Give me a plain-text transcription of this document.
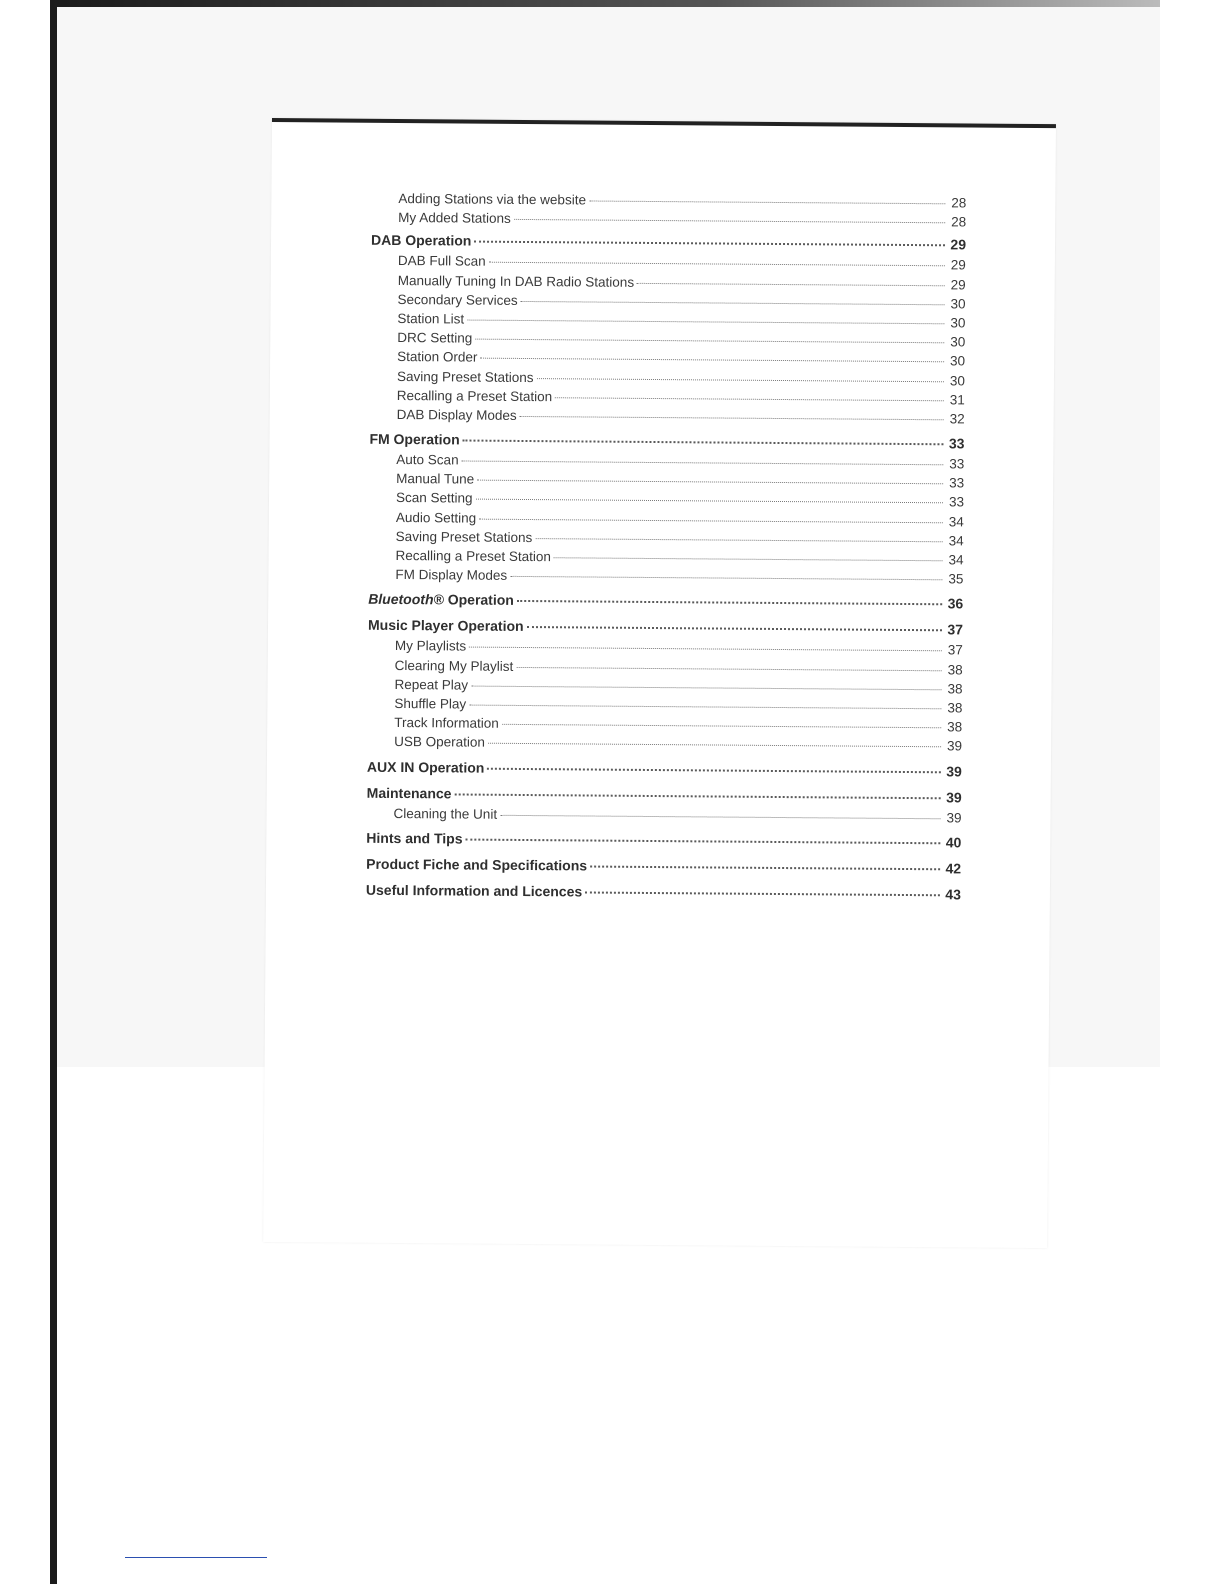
Adding Stations via the website	28
My Added Stations	28
DAB Operation	29
DAB Full Scan	29
Manually Tuning In DAB Radio Stations	29
Secondary Services	30
Station List	30
DRC Setting	30
Station Order	30
Saving Preset Stations	30
Recalling a Preset Station	31
DAB Display Modes	32
FM Operation	33
Auto Scan	33
Manual Tune	33
Scan Setting	33
Audio Setting	34
Saving Preset Stations	34
Recalling a Preset Station	34
FM Display Modes	35
Bluetooth® Operation	36
Music Player Operation	37
My Playlists	37
Clearing My Playlist	38
Repeat Play	38
Shuffle Play	38
Track Information	38
USB Operation	39
AUX IN Operation	39
Maintenance	39
Cleaning the Unit	39
Hints and Tips	40
Product Fiche and Specifications	42
Useful Information and Licences	43
